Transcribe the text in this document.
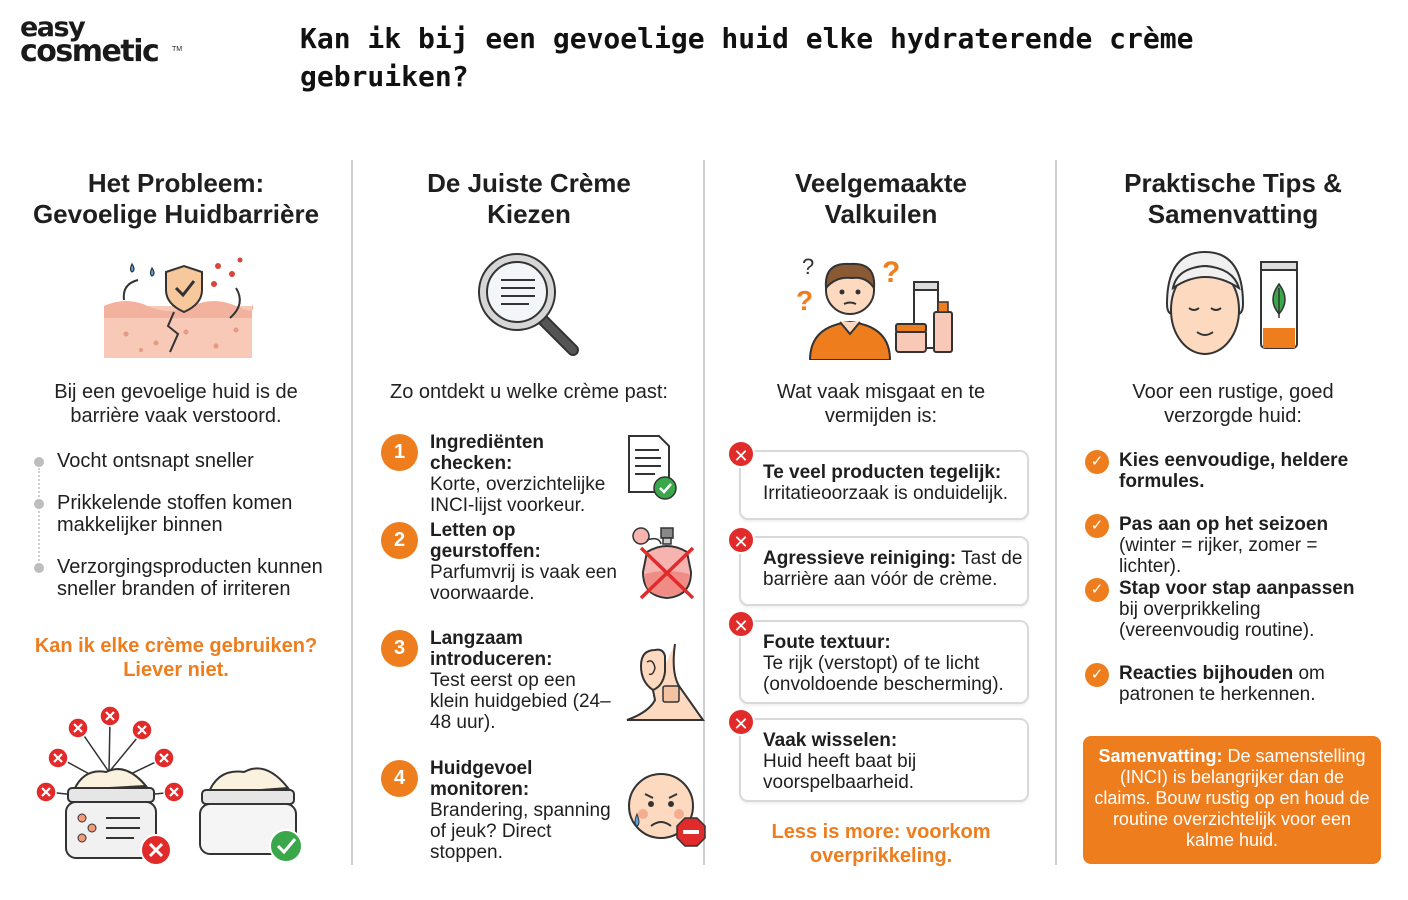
easy
cosmetic	TM	Kan ik bij een gevoelige huid elke hydraterende crème gebruiken?
Het Probleem:
Gevoelige Huidbarrière

Bij een gevoelige huid is de barrière vaak verstoord.

Vocht ontsnapt sneller
Prikkelende stoffen komen makkelijker binnen
Verzorgingsproducten kunnen sneller branden of irriteren
Kan ik elke crème gebruiken?
Liever niet.
De Juiste Crème
Kiezen

Zo ontdekt u welke crème past:

1	Ingrediënten checken:
Korte, overzichtelijke INCI-lijst voorkeur.
2	Letten op geurstoffen:
Parfumvrij is vaak een voorwaarde.
3	Langzaam introduceren:
Test eerst op een klein huidgebied (24–48 uur).
4	Huidgevoel monitoren:
Brandering, spanning of jeuk? Direct stoppen.
Veelgemaakte
Valkuilen
?
?
?

Wat vaak misgaat en te vermijden is:

✕
Te veel producten tegelijk:
Irritatieoorzaak is onduidelijk.
✕
Agressieve reiniging: Tast de barrière aan vóór de crème.
✕
Foute textuur:
Te rijk (verstopt) of te licht (onvoldoende bescherming).
✕
Vaak wisselen:
Huid heeft baat bij voorspelbaarheid.
Less is more: voorkom
overprikkeling.
Praktische Tips &
Samenvatting

Voor een rustige, goed verzorgde huid:

✓ Kies eenvoudige, heldere formules.
✓ Pas aan op het seizoen
(winter = rijker, zomer = lichter).
✓ Stap voor stap aanpassen
bij overprikkeling (vereenvoudig routine).
✓ Reacties bijhouden om patronen te herkennen.
Samenvatting: De samenstelling (INCI) is belangrijker dan de claims. Bouw rustig op en houd de routine overzichtelijk voor een kalme huid.
